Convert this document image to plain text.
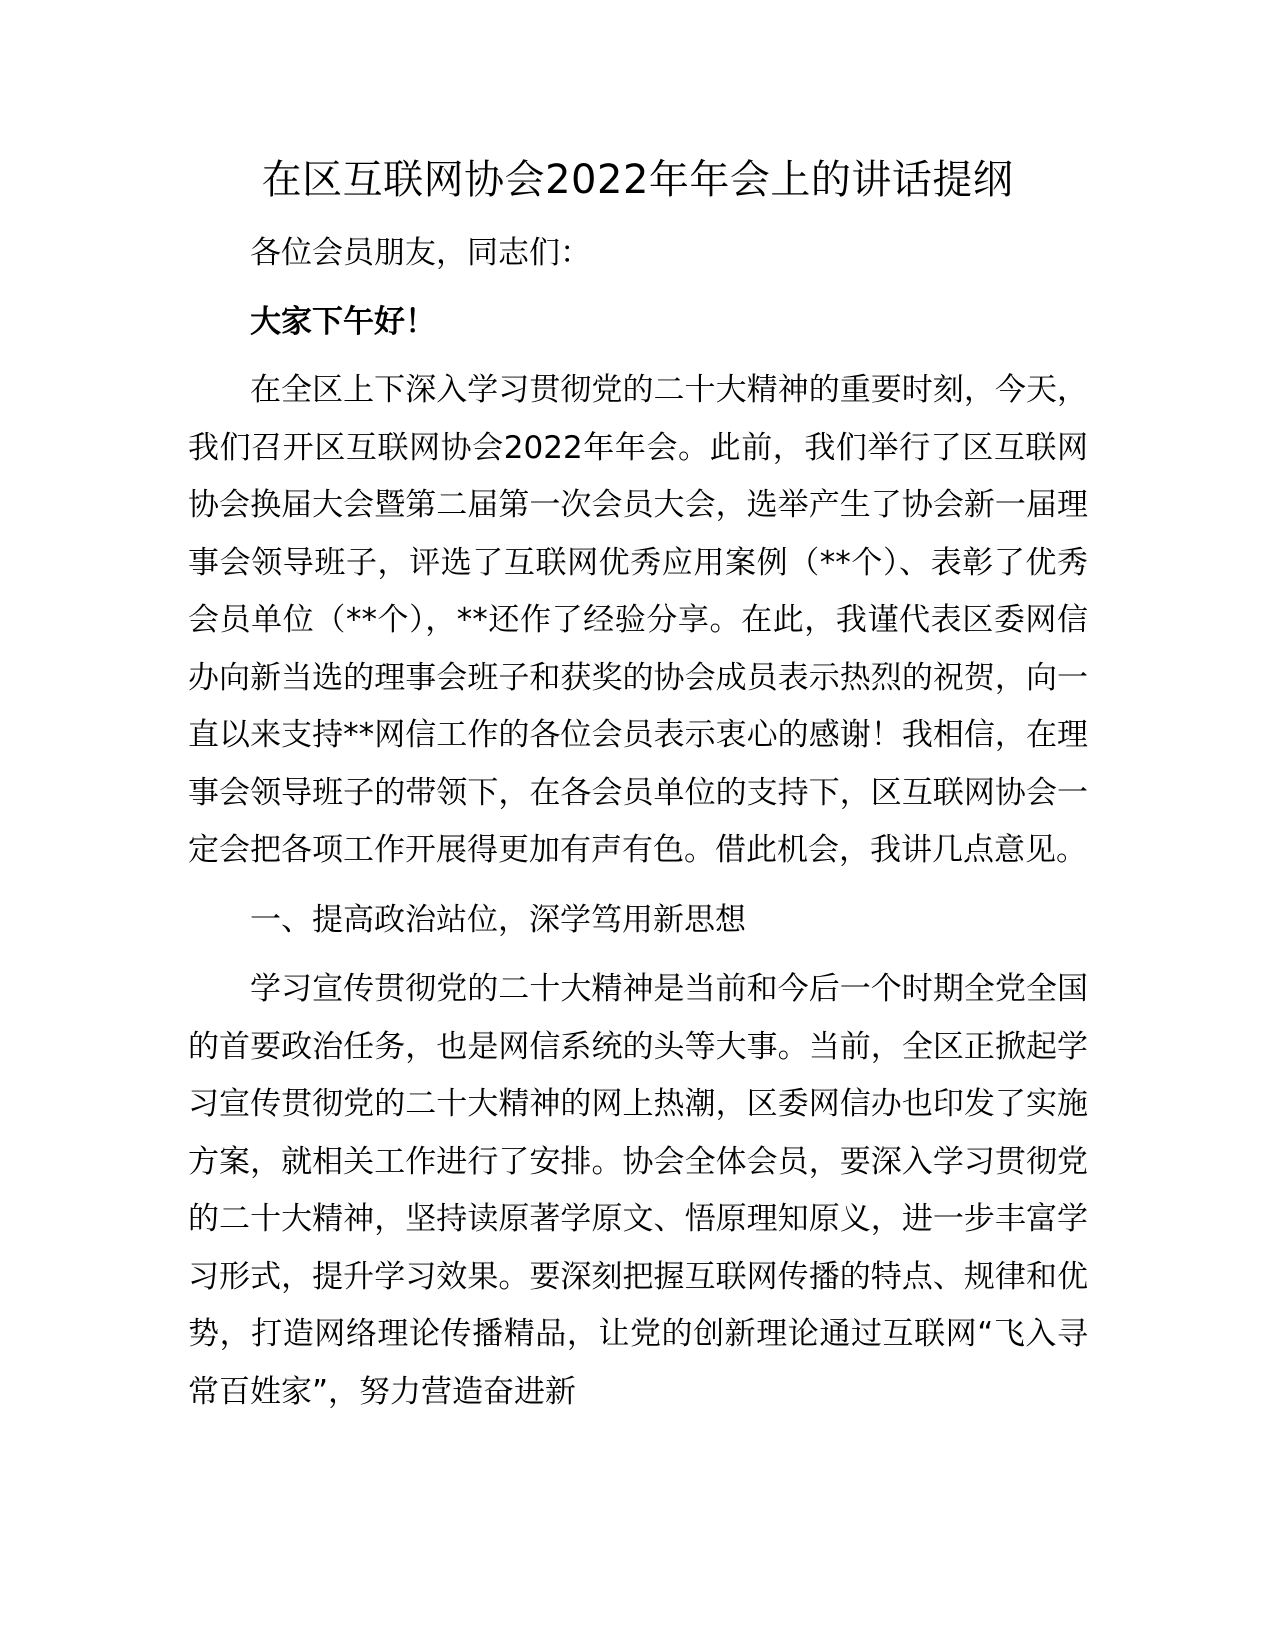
在区互联网协会2022年年会上的讲话提纲

各位会员朋友，同志们：

大家下午好！

在全区上下深入学习贯彻党的二十大精神的重要时刻，今天，我们召开区互联网协会2022年年会。此前，我们举行了区互联网协会换届大会暨第二届第一次会员大会，选举产生了协会新一届理事会领导班子，评选了互联网优秀应用案例（**个）、表彰了优秀会员单位（**个），**还作了经验分享。在此，我谨代表区委网信办向新当选的理事会班子和获奖的协会成员表示热烈的祝贺，向一直以来支持**网信工作的各位会员表示衷心的感谢！我相信，在理事会领导班子的带领下，在各会员单位的支持下，区互联网协会一定会把各项工作开展得更加有声有色。借此机会，我讲几点意见。

一、提高政治站位，深学笃用新思想

学习宣传贯彻党的二十大精神是当前和今后一个时期全党全国的首要政治任务，也是网信系统的头等大事。当前，全区正掀起学习宣传贯彻党的二十大精神的网上热潮，区委网信办也印发了实施方案，就相关工作进行了安排。协会全体会员，要深入学习贯彻党的二十大精神，坚持读原著学原文、悟原理知原义，进一步丰富学习形式，提升学习效果。要深刻把握互联网传播的特点、规律和优势，打造网络理论传播精品，让党的创新理论通过互联网“飞入寻常百姓家”，努力营造奋进新
